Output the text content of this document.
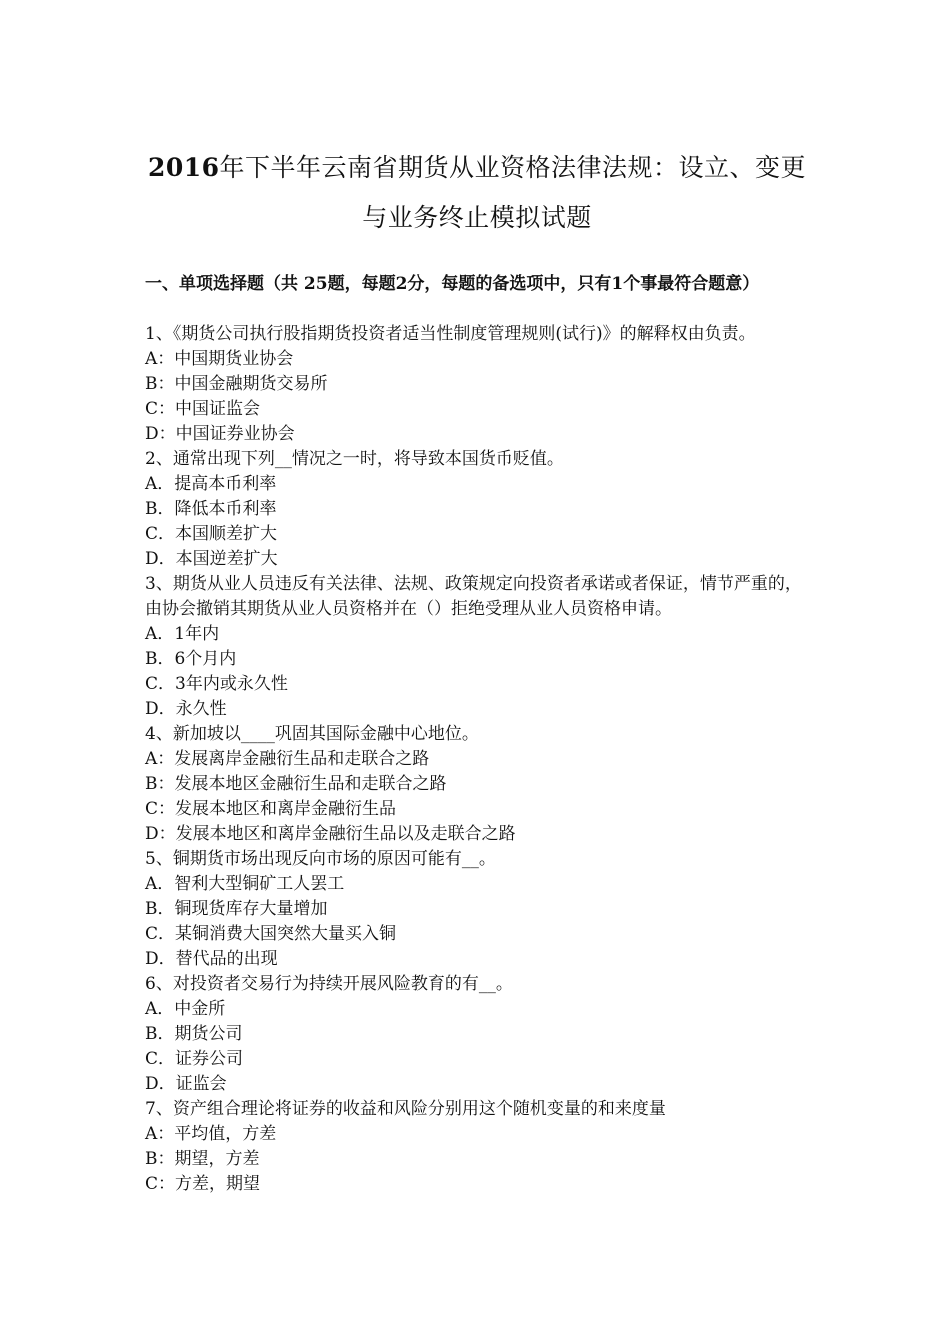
2016年下半年云南省期货从业资格法律法规：设立、变更
与业务终止模拟试题
一、单项选择题（共 25题，每题2分，每题的备选项中，只有1个事最符合题意）

1、《期货公司执行股指期货投资者适当性制度管理规则(试行)》的解释权由负责。

A：中国期货业协会

B：中国金融期货交易所

C：中国证监会

D：中国证券业协会

2、通常出现下列__情况之一时，将导致本国货币贬值。

A．提高本币利率

B．降低本币利率

C．本国顺差扩大

D．本国逆差扩大

3、期货从业人员违反有关法律、法规、政策规定向投资者承诺或者保证，情节严重的，由协会撤销其期货从业人员资格并在（）拒绝受理从业人员资格申请。

A．1年内

B．6个月内

C．3年内或永久性

D．永久性

4、新加坡以____巩固其国际金融中心地位。

A：发展离岸金融衍生品和走联合之路

B：发展本地区金融衍生品和走联合之路

C：发展本地区和离岸金融衍生品

D：发展本地区和离岸金融衍生品以及走联合之路

5、铜期货市场出现反向市场的原因可能有__。

A．智利大型铜矿工人罢工

B．铜现货库存大量增加

C．某铜消费大国突然大量买入铜

D．替代品的出现

6、对投资者交易行为持续开展风险教育的有__。

A．中金所

B．期货公司

C．证券公司

D．证监会

7、资产组合理论将证券的收益和风险分别用这个随机变量的和来度量

A：平均值，方差

B：期望，方差

C：方差，期望
